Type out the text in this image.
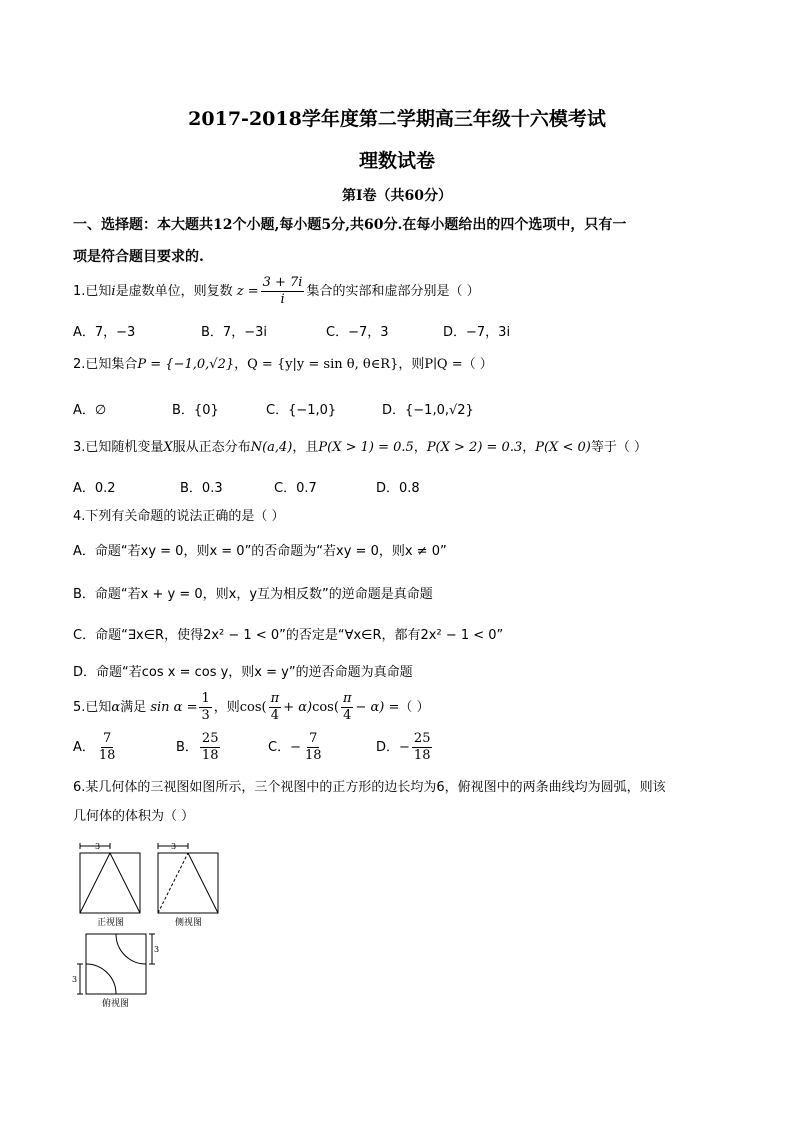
2017-2018学年度第二学期高三年级十六模考试
理数试卷
第Ⅰ卷（共60分）
一、选择题：本大题共12个小题,每小题5分,共60分.在每小题给出的四个选项中，只有一
项是符合题目要求的.
1.已知i是虚数单位，则复数 $z = \frac{3 + 7i}{i}$ 集合的实部和虚部分别是（ ）
A．7，−3	B．7，−3i	C．−7，3	D．−7，3i
2.已知集合P = {−1,0,√2}，Q = {y|y = sin θ, θ∈R}，则P∣Q =（ ）
A．∅	B．{0}	C．{−1,0}	D．{−1,0,√2}
3.已知随机变量X服从正态分布N(a,4)，且P(X > 1) = 0.5，P(X > 2) = 0.3，P(X < 0)等于（ ）
A．0.2	B．0.3	C．0.7	D．0.8
4.下列有关命题的说法正确的是（ ）
A．命题“若xy = 0，则x = 0”的否命题为“若xy = 0，则x ≠ 0”
B．命题“若x + y = 0，则x，y互为相反数”的逆命题是真命题
C．命题“∃x∈R，使得2x² − 1 < 0”的否定是“∀x∈R，都有2x² − 1 < 0”
D．命题“若cos x = cos y，则x = y”的逆否命题为真命题
5.已知α满足 $\sin \alpha = \frac{1}{3}$ ，则$\cos( \frac{\pi}{4} + \alpha)\cos( \frac{\pi}{4} - \alpha)$ =（ ）
A． $\frac{7}{18}$	B． $\frac{25}{18}$	C．− $\frac{7}{18}$	D．− $\frac{25}{18}$
6.某几何体的三视图如图所示，三个视图中的正方形的边长均为6，俯视图中的两条曲线均为圆弧，则该
几何体的体积为（ ）
3
正视图
3
侧视图
3
3
俯视图
